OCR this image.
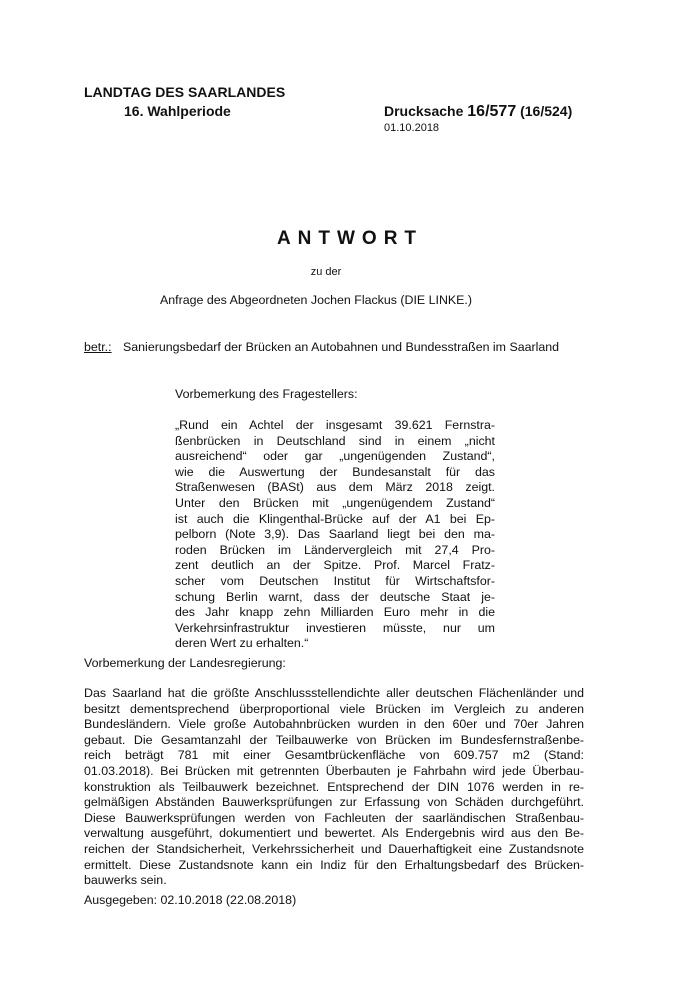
LANDTAG DES SAARLANDES
16. Wahlperiode	Drucksache 16/577 (16/524)
01.10.2018
ANTWORT
zu der
Anfrage des Abgeordneten Jochen Flackus (DIE LINKE.)
betr.: Sanierungsbedarf der Brücken an Autobahnen und Bundesstraßen im Saarland
Vorbemerkung des Fragestellers:
„Rund ein Achtel der insgesamt 39.621 Fernstra-
ßenbrücken in Deutschland sind in einem „nicht
ausreichend“ oder gar „ungenügenden Zustand“,
wie die Auswertung der Bundesanstalt für das
Straßenwesen (BASt) aus dem März 2018 zeigt.
Unter den Brücken mit „ungenügendem Zustand“
ist auch die Klingenthal-Brücke auf der A1 bei Ep-
pelborn (Note 3,9). Das Saarland liegt bei den ma-
roden Brücken im Ländervergleich mit 27,4 Pro-
zent deutlich an der Spitze. Prof. Marcel Fratz-
scher vom Deutschen Institut für Wirtschaftsfor-
schung Berlin warnt, dass der deutsche Staat je-
des Jahr knapp zehn Milliarden Euro mehr in die
Verkehrsinfrastruktur investieren müsste, nur um
deren Wert zu erhalten.“
Vorbemerkung der Landesregierung:
Das Saarland hat die größte Anschlussstellendichte aller deutschen Flächenländer und
besitzt dementsprechend überproportional viele Brücken im Vergleich zu anderen
Bundesländern. Viele große Autobahnbrücken wurden in den 60er und 70er Jahren
gebaut. Die Gesamtanzahl der Teilbauwerke von Brücken im Bundesfernstraßenbe-
reich beträgt 781 mit einer Gesamtbrückenfläche von 609.757 m2 (Stand:
01.03.2018). Bei Brücken mit getrennten Überbauten je Fahrbahn wird jede Überbau-
konstruktion als Teilbauwerk bezeichnet. Entsprechend der DIN 1076 werden in re-
gelmäßigen Abständen Bauwerksprüfungen zur Erfassung von Schäden durchgeführt.
Diese Bauwerksprüfungen werden von Fachleuten der saarländischen Straßenbau-
verwaltung ausgeführt, dokumentiert und bewertet. Als Endergebnis wird aus den Be-
reichen der Standsicherheit, Verkehrssicherheit und Dauerhaftigkeit eine Zustandsnote
ermittelt. Diese Zustandsnote kann ein Indiz für den Erhaltungsbedarf des Brücken-
bauwerks sein.
Ausgegeben: 02.10.2018 (22.08.2018)
